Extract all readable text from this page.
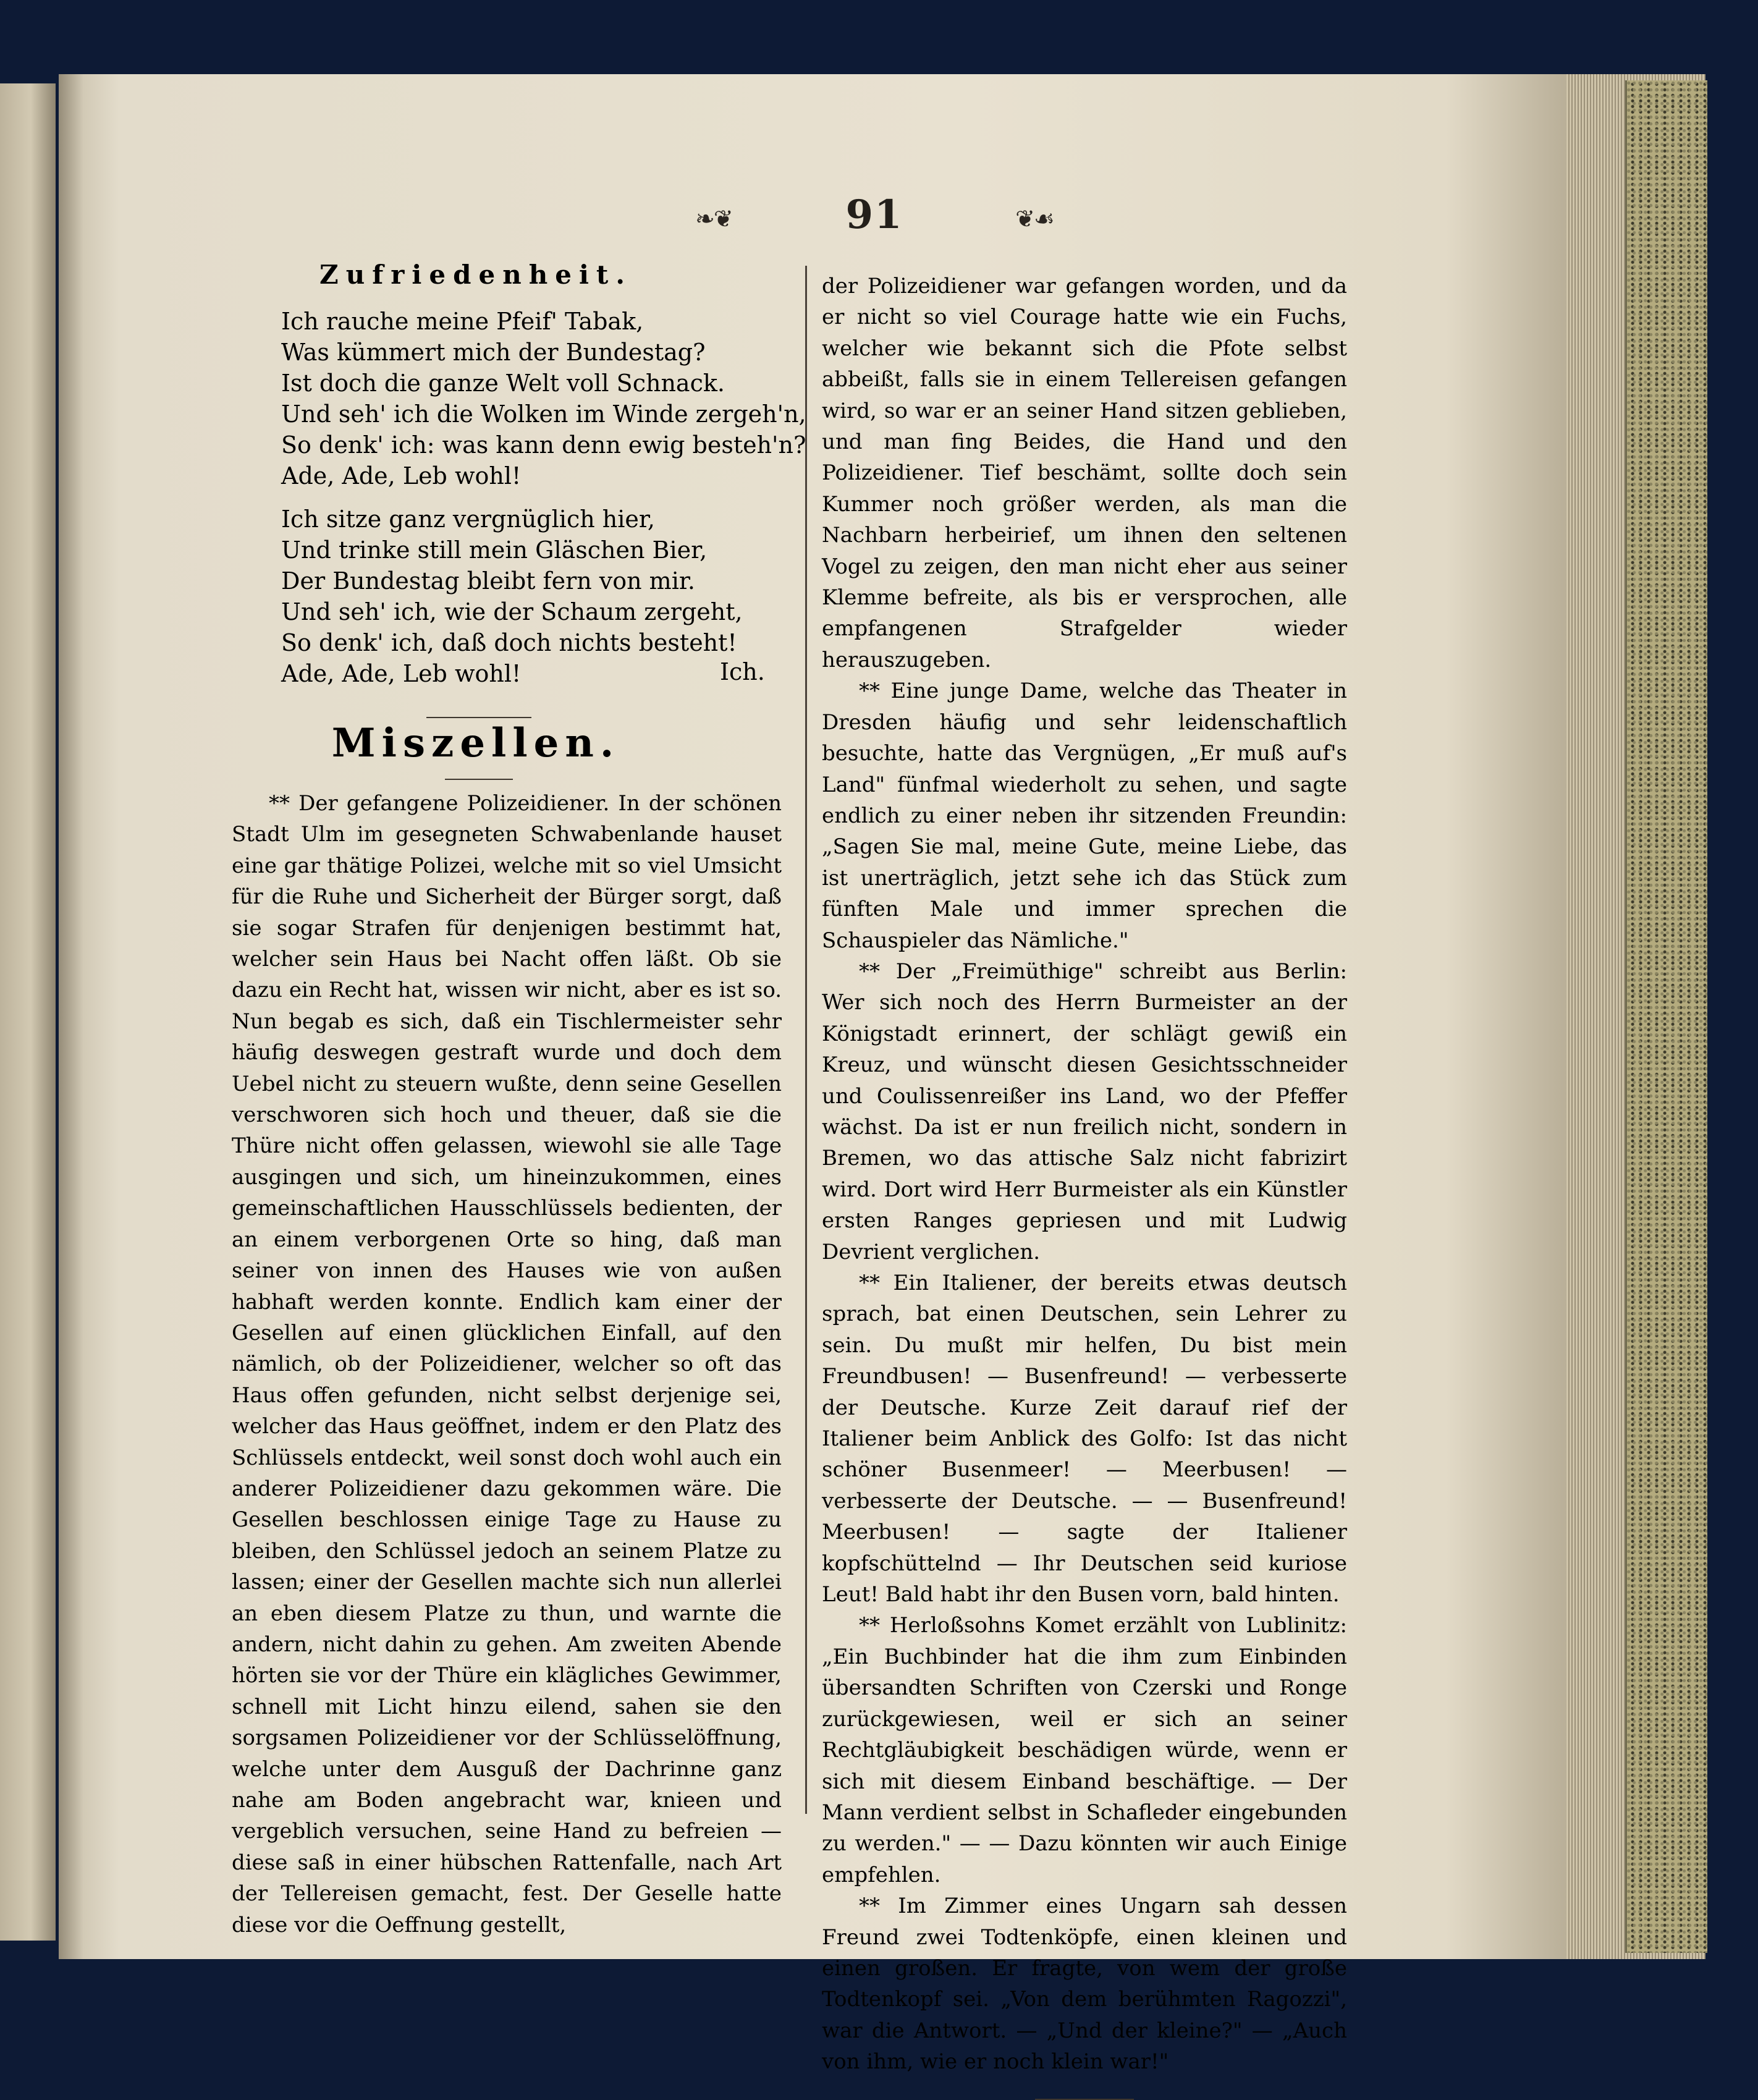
❧❦	91	❦☙
Zufriedenheit.
Ich rauche meine Pfeif' Tabak,
Was kümmert mich der Bundestag?
Ist doch die ganze Welt voll Schnack.
Und seh' ich die Wolken im Winde zergeh'n,
So denk' ich: was kann denn ewig besteh'n?
Ade, Ade, Leb wohl!
Ich sitze ganz vergnüglich hier,
Und trinke still mein Gläschen Bier,
Der Bundestag bleibt fern von mir.
Und seh' ich, wie der Schaum zergeht,
So denk' ich, daß doch nichts besteht!
Ade, Ade, Leb wohl!	Ich.
Miszellen.

** Der gefangene Polizeidiener. In der schönen Stadt Ulm im gesegneten Schwabenlande hauset eine gar thätige Polizei, welche mit so viel Umsicht für die Ruhe und Sicherheit der Bürger sorgt, daß sie sogar Strafen für denjenigen bestimmt hat, welcher sein Haus bei Nacht offen läßt. Ob sie dazu ein Recht hat, wissen wir nicht, aber es ist so. Nun begab es sich, daß ein Tischlermeister sehr häufig deswegen gestraft wurde und doch dem Uebel nicht zu steuern wußte, denn seine Gesellen verschworen sich hoch und theuer, daß sie die Thüre nicht offen gelassen, wiewohl sie alle Tage ausgingen und sich, um hineinzukommen, eines gemeinschaftlichen Hausschlüssels bedienten, der an einem verborgenen Orte so hing, daß man seiner von innen des Hauses wie von außen habhaft werden konnte. Endlich kam einer der Gesellen auf einen glücklichen Einfall, auf den nämlich, ob der Polizeidiener, welcher so oft das Haus offen gefunden, nicht selbst derjenige sei, welcher das Haus geöffnet, indem er den Platz des Schlüssels entdeckt, weil sonst doch wohl auch ein anderer Polizeidiener dazu gekommen wäre. Die Gesellen beschlossen einige Tage zu Hause zu bleiben, den Schlüssel jedoch an seinem Platze zu lassen; einer der Gesellen machte sich nun allerlei an eben diesem Platze zu thun, und warnte die andern, nicht dahin zu gehen. Am zweiten Abende hörten sie vor der Thüre ein klägliches Gewimmer, schnell mit Licht hinzu eilend, sahen sie den sorgsamen Polizeidiener vor der Schlüsselöffnung, welche unter dem Ausguß der Dachrinne ganz nahe am Boden angebracht war, knieen und vergeblich versuchen, seine Hand zu befreien — diese saß in einer hübschen Rattenfalle, nach Art der Tellereisen gemacht, fest. Der Geselle hatte diese vor die Oeffnung gestellt,

der Polizeidiener war gefangen worden, und da er nicht so viel Courage hatte wie ein Fuchs, welcher wie bekannt sich die Pfote selbst abbeißt, falls sie in einem Tellereisen gefangen wird, so war er an seiner Hand sitzen geblieben, und man fing Beides, die Hand und den Polizeidiener. Tief beschämt, sollte doch sein Kummer noch größer werden, als man die Nachbarn herbeirief, um ihnen den seltenen Vogel zu zeigen, den man nicht eher aus seiner Klemme befreite, als bis er versprochen, alle empfangenen Strafgelder wieder herauszugeben.

** Eine junge Dame, welche das Theater in Dresden häufig und sehr leidenschaftlich besuchte, hatte das Vergnügen, „Er muß auf's Land" fünfmal wiederholt zu sehen, und sagte endlich zu einer neben ihr sitzenden Freundin: „Sagen Sie mal, meine Gute, meine Liebe, das ist unerträglich, jetzt sehe ich das Stück zum fünften Male und immer sprechen die Schauspieler das Nämliche."

** Der „Freimüthige" schreibt aus Berlin: Wer sich noch des Herrn Burmeister an der Königstadt erinnert, der schlägt gewiß ein Kreuz, und wünscht diesen Gesichtsschneider und Coulissenreißer ins Land, wo der Pfeffer wächst. Da ist er nun freilich nicht, sondern in Bremen, wo das attische Salz nicht fabrizirt wird. Dort wird Herr Burmeister als ein Künstler ersten Ranges gepriesen und mit Ludwig Devrient verglichen.

** Ein Italiener, der bereits etwas deutsch sprach, bat einen Deutschen, sein Lehrer zu sein. Du mußt mir helfen, Du bist mein Freundbusen! — Busenfreund! — verbesserte der Deutsche. Kurze Zeit darauf rief der Italiener beim Anblick des Golfo: Ist das nicht schöner Busenmeer! — Meerbusen! — verbesserte der Deutsche. — — Busenfreund! Meerbusen! — sagte der Italiener kopfschüttelnd — Ihr Deutschen seid kuriose Leut! Bald habt ihr den Busen vorn, bald hinten.

** Herloßsohns Komet erzählt von Lublinitz: „Ein Buchbinder hat die ihm zum Einbinden übersandten Schriften von Czerski und Ronge zurückgewiesen, weil er sich an seiner Rechtgläubigkeit beschädigen würde, wenn er sich mit diesem Einband beschäftige. — Der Mann verdient selbst in Schafleder eingebunden zu werden." — — Dazu könnten wir auch Einige empfehlen.

** Im Zimmer eines Ungarn sah dessen Freund zwei Todtenköpfe, einen kleinen und einen großen. Er fragte, von wem der große Todtenkopf sei. „Von dem berühmten Ragozzi", war die Antwort. — „Und der kleine?" — „Auch von ihm, wie er noch klein war!"
